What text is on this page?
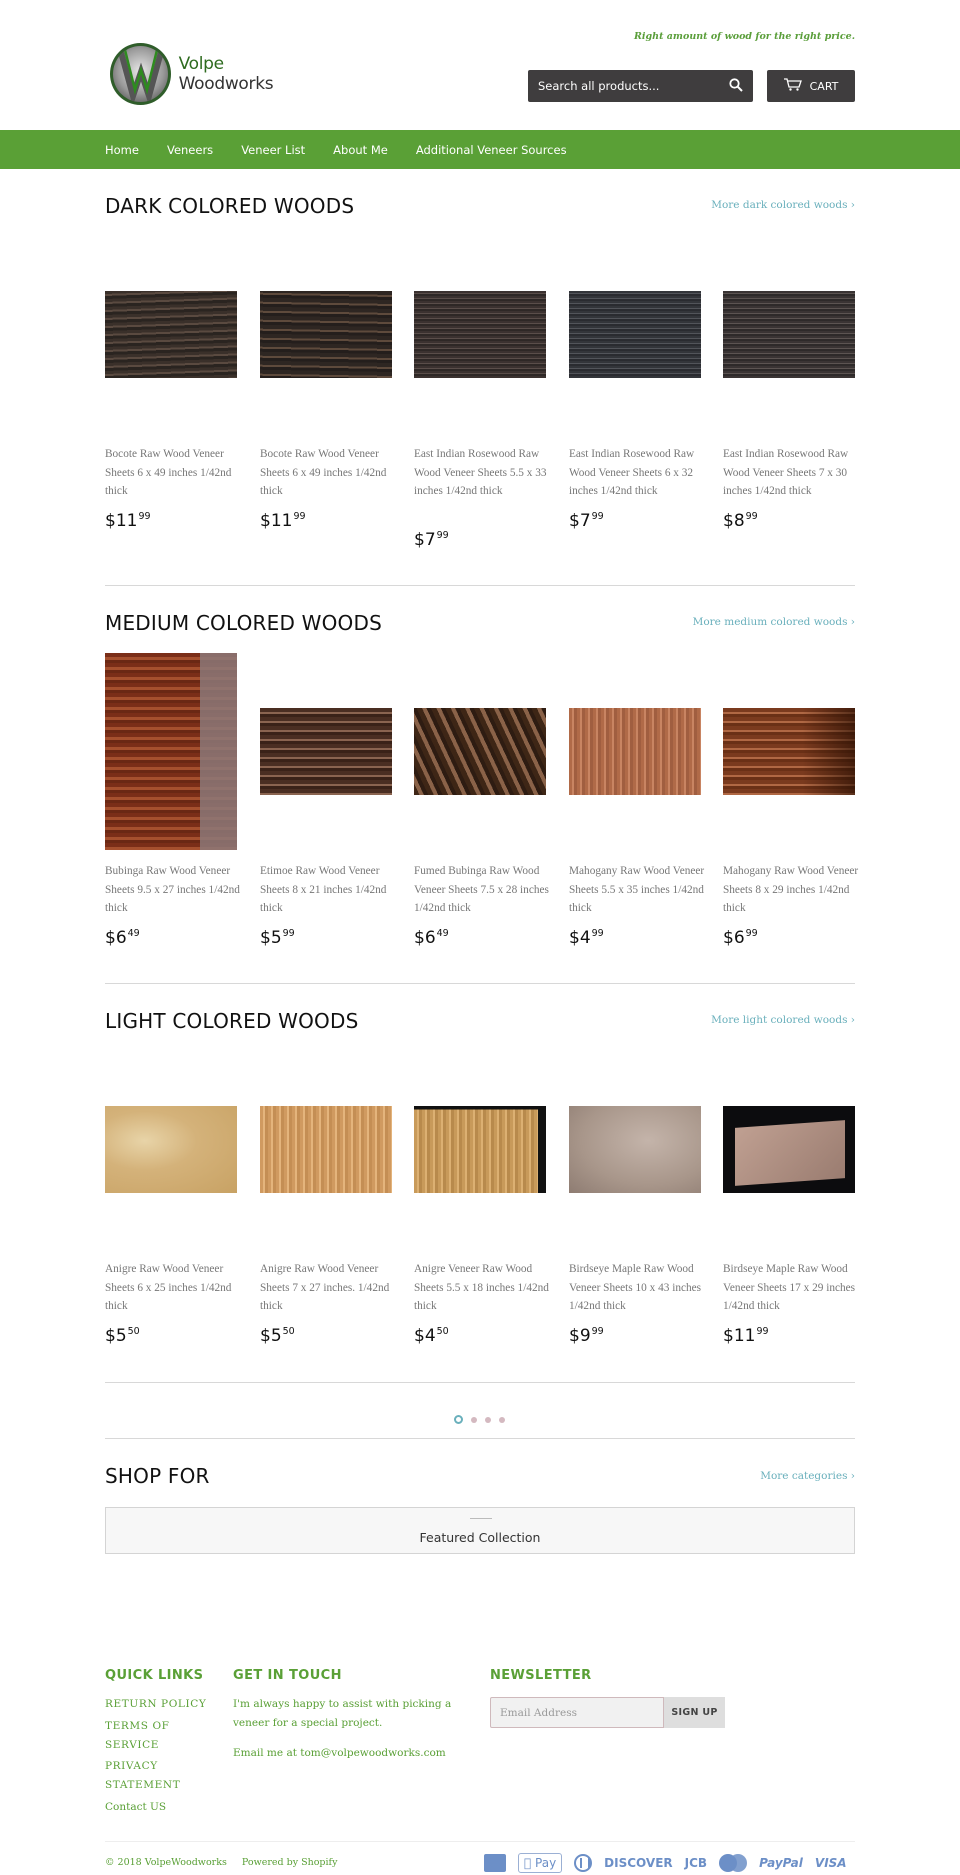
Volpe Woodworks
Right amount of wood for the right price.
Search all products...	CART
Home Veneers Veneer List About Me Additional Veneer Sources
DARK COLORED WOODS	More dark colored woods ›
Bocote Raw Wood Veneer Sheets 6 x 49 inches 1/42nd thick
$\$11^{99}$
Bocote Raw Wood Veneer Sheets 6 x 49 inches 1/42nd thick
$\$11^{99}$
East Indian Rosewood Raw Wood Veneer Sheets 5.5 x 33 inches 1/42nd thick
$\$7^{99}$
East Indian Rosewood Raw Wood Veneer Sheets 6 x 32 inches 1/42nd thick
$\$7^{99}$
East Indian Rosewood Raw Wood Veneer Sheets 7 x 30 inches 1/42nd thick
$\$8^{99}$
MEDIUM COLORED WOODS	More medium colored woods ›
Bubinga Raw Wood Veneer Sheets 9.5 x 27 inches 1/42nd thick
$\$6^{49}$
Etimoe Raw Wood Veneer Sheets 8 x 21 inches 1/42nd thick
$\$5^{99}$
Fumed Bubinga Raw Wood Veneer Sheets 7.5 x 28 inches 1/42nd thick
$\$6^{49}$
Mahogany Raw Wood Veneer Sheets 5.5 x 35 inches 1/42nd thick
$\$4^{99}$
Mahogany Raw Wood Veneer Sheets 8 x 29 inches 1/42nd thick
$\$6^{99}$
LIGHT COLORED WOODS	More light colored woods ›
Anigre Raw Wood Veneer Sheets 6 x 25 inches 1/42nd thick
$\$5^{50}$
Anigre Raw Wood Veneer Sheets 7 x 27 inches. 1/42nd thick
$\$5^{50}$
Anigre Veneer Raw Wood Sheets 5.5 x 18 inches 1/42nd thick
$\$4^{50}$
Birdseye Maple Raw Wood Veneer Sheets 10 x 43 inches 1/42nd thick
$\$9^{99}$
Birdseye Maple Raw Wood Veneer Sheets 17 x 29 inches 1/42nd thick
$\$11^{99}$
SHOP FOR	More categories ›
Featured Collection
QUICK LINKS
RETURN POLICY
TERMS OF SERVICE
PRIVACY STATEMENT
Contact US
GET IN TOUCH
I'm always happy to assist with picking a veneer for a special project.
Email me at tom@volpewoodworks.com
NEWSLETTER
Email Address	SIGN UP
© 2018 VolpeWoodworks Powered by Shopify	Pay	DISCOVER JCB	PayPal VISA
